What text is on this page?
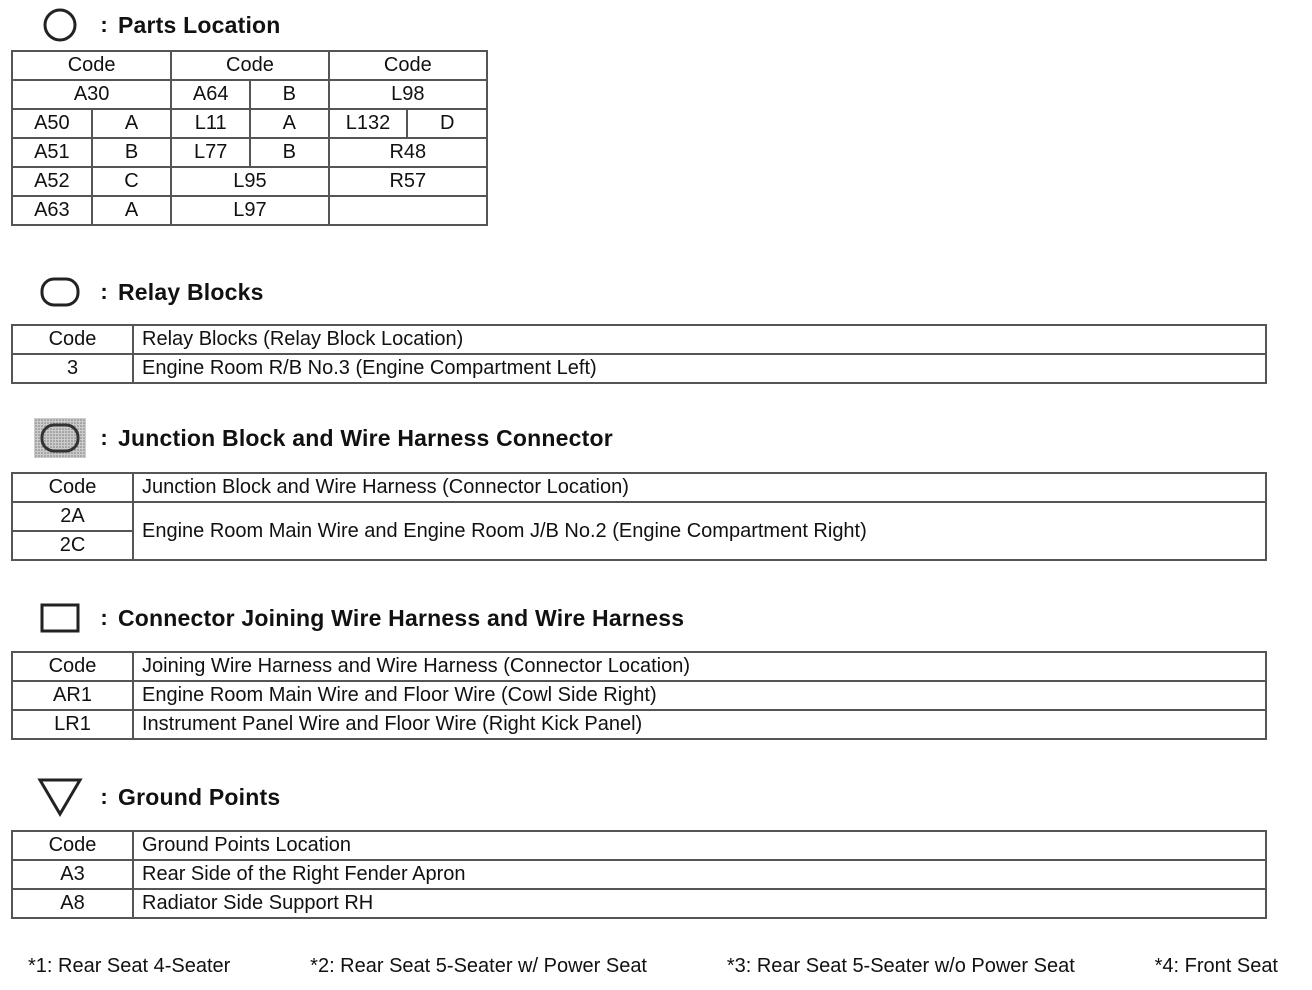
: Parts Location
Code		Code		Code	
A30		A64	B	L98	
A50	A	L11	A	L132	D
A51	B	L77	B	R48	
A52	C	L95		R57	
A63	A	L97			
: Relay Blocks
Code	Relay Blocks (Relay Block Location)
3	Engine Room R/B No.3 (Engine Compartment Left)
: Junction Block and Wire Harness Connector
Code	Junction Block and Wire Harness (Connector Location)
2A	Engine Room Main Wire and Engine Room J/B No.2 (Engine Compartment Right)
2C	
: Connector Joining Wire Harness and Wire Harness
Code	Joining Wire Harness and Wire Harness (Connector Location)
AR1	Engine Room Main Wire and Floor Wire (Cowl Side Right)
LR1	Instrument Panel Wire and Floor Wire (Right Kick Panel)
: Ground Points
Code	Ground Points Location
A3	Rear Side of the Right Fender Apron
A8	Radiator Side Support RH
*1: Rear Seat 4-Seater	*2: Rear Seat 5-Seater w/ Power Seat	*3: Rear Seat 5-Seater w/o Power Seat	*4: Front Seat
